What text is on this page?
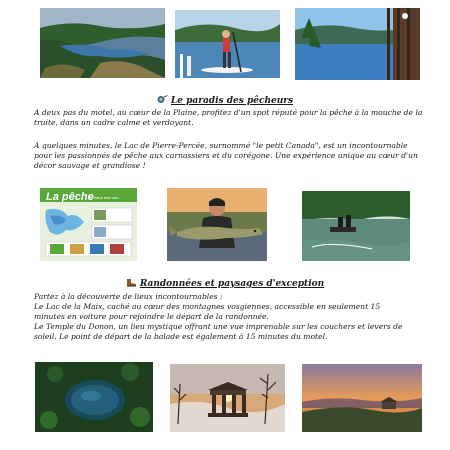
Le paradis des pêcheurs

A deux pas du motel, au cœur de la Plaine, profitez d'un spot réputé pour la pêche à la mouche de la
truite, dans un cadre calme et verdoyant.

A quelques minutes, le Lac de Pierre-Percée, surnommé "le petit Canada", est un incontournable
pour les passionnés de pêche aux carnassiers et du corégone. Une expérience unique au cœur d'un
décor sauvage et grandiose !

La pêche
au cœur des vos...
Randonnées et paysages d'exception

Partez à la découverte de lieux incontournables :
Le Lac de la Maix, caché au cœur des montagnes vosgiennes, accessible en seulement 15
minutes en voiture pour rejoindre le départ de la randonnée.
Le Temple du Donon, un lieu mystique offrant une vue imprenable sur les couchers et levers de
soleil. Le point de départ de la balade est également à 15 minutes du motel.
